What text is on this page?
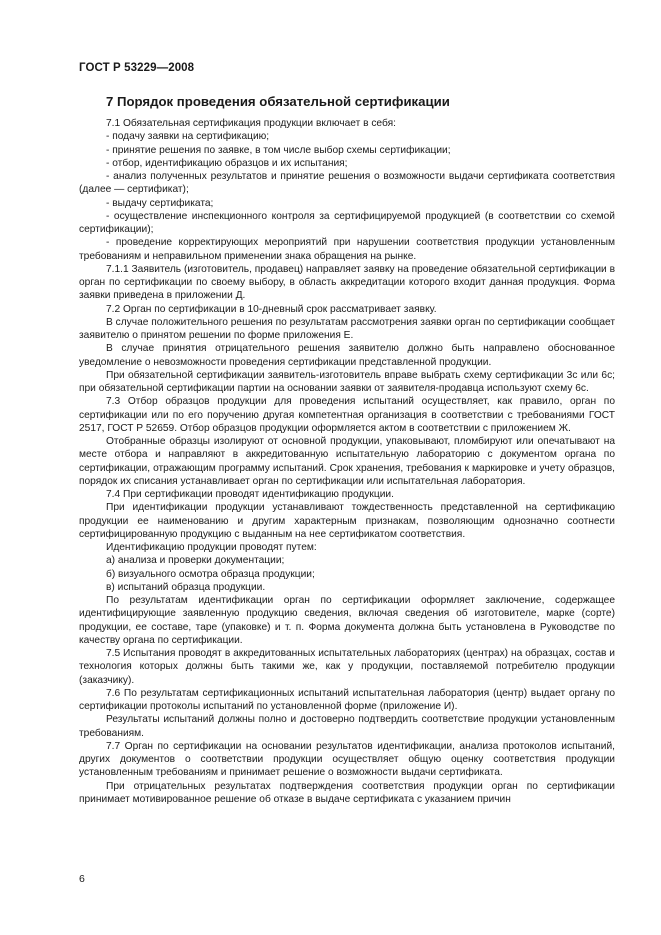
ГОСТ Р 53229—2008
7 Порядок проведения обязательной сертификации

7.1 Обязательная сертификация продукции включает в себя:

- подачу заявки на сертификацию;

- принятие решения по заявке, в том числе выбор схемы сертификации;

- отбор, идентификацию образцов и их испытания;

- анализ полученных результатов и принятие решения о возможности выдачи сертификата соответствия (далее — сертификат);

- выдачу сертификата;

- осуществление инспекционного контроля за сертифицируемой продукцией (в соответствии со схемой сертификации);

- проведение корректирующих мероприятий при нарушении соответствия продукции установленным требованиям и неправильном применении знака обращения на рынке.

7.1.1 Заявитель (изготовитель, продавец) направляет заявку на проведение обязательной сертификации в орган по сертификации по своему выбору, в область аккредитации которого входит данная продукция. Форма заявки приведена в приложении Д.

7.2 Орган по сертификации в 10-дневный срок рассматривает заявку.

В случае положительного решения по результатам рассмотрения заявки орган по сертификации сообщает заявителю о принятом решении по форме приложения Е.

В случае принятия отрицательного решения заявителю должно быть направлено обоснованное уведомление о невозможности проведения сертификации представленной продукции.

При обязательной сертификации заявитель-изготовитель вправе выбрать схему сертификации 3с или 6с; при обязательной сертификации партии на основании заявки от заявителя-продавца используют схему 6с.

7.3 Отбор образцов продукции для проведения испытаний осуществляет, как правило, орган по сертификации или по его поручению другая компетентная организация в соответствии с требованиями ГОСТ 2517, ГОСТ Р 52659. Отбор образцов продукции оформляется актом в соответствии с приложением Ж.

Отобранные образцы изолируют от основной продукции, упаковывают, пломбируют или опечатывают на месте отбора и направляют в аккредитованную испытательную лабораторию с документом органа по сертификации, отражающим программу испытаний. Срок хранения, требования к маркировке и учету образцов, порядок их списания устанавливает орган по сертификации или испытательная лаборатория.

7.4 При сертификации проводят идентификацию продукции.

При идентификации продукции устанавливают тождественность представленной на сертификацию продукции ее наименованию и другим характерным признакам, позволяющим однозначно соотнести сертифицированную продукцию с выданным на нее сертификатом соответствия.

Идентификацию продукции проводят путем:

а) анализа и проверки документации;

б) визуального осмотра образца продукции;

в) испытаний образца продукции.

По результатам идентификации орган по сертификации оформляет заключение, содержащее идентифицирующие заявленную продукцию сведения, включая сведения об изготовителе, марке (сорте) продукции, ее составе, таре (упаковке) и т. п. Форма документа должна быть установлена в Руководстве по качеству органа по сертификации.

7.5 Испытания проводят в аккредитованных испытательных лабораториях (центрах) на образцах, состав и технология которых должны быть такими же, как у продукции, поставляемой потребителю продукции (заказчику).

7.6 По результатам сертификационных испытаний испытательная лаборатория (центр) выдает органу по сертификации протоколы испытаний по установленной форме (приложение И).

Результаты испытаний должны полно и достоверно подтвердить соответствие продукции установленным требованиям.

7.7 Орган по сертификации на основании результатов идентификации, анализа протоколов испытаний, других документов о соответствии продукции осуществляет общую оценку соответствия продукции установленным требованиям и принимает решение о возможности выдачи сертификата.

При отрицательных результатах подтверждения соответствия продукции орган по сертификации принимает мотивированное решение об отказе в выдаче сертификата с указанием причин

6
